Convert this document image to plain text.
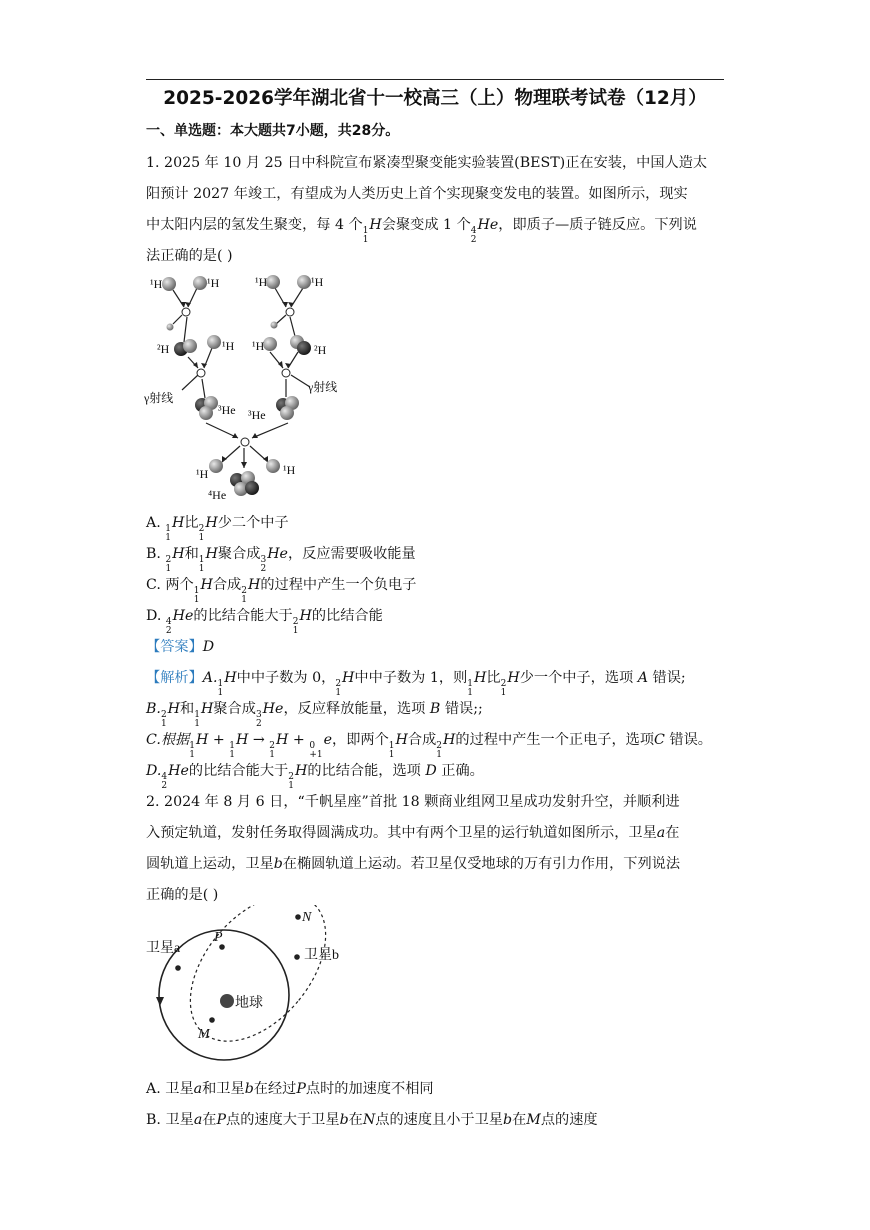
2025-2026学年湖北省十一校高三（上）物理联考试卷（12月）
一、单选题：本大题共7小题，共28分。
1. 2025 年 10 月 25 日中科院宣布紧凑型聚变能实验装置(BEST)正在安装，中国人造太
阳预计 2027 年竣工，有望成为人类历史上首个实现聚变发电的装置。如图所示，现实
中太阳内层的氢发生聚变，每 4 个 1
1
H会聚变成 1 个 4
2
He，即质子—质子链反应。下列说
法正确的是( )
¹H	¹H	¹H	¹H
²H	¹H ¹H	²H
γ射线
γ射线
³He ³He
¹H	¹H
⁴He
A. 1
1
H比 2
1
H少二个中子
B. 2
1
H和 1
1
H聚合成 3
2
He，反应需要吸收能量
C. 两个 1
1
H合成 2
1
H的过程中产生一个负电子
D. 4
2
He的比结合能大于 2
1
H的比结合能
【答案】D
【解析】A. 1
1
H中中子数为 0， 2
1
H中中子数为 1，则 1
1
H比 2
1
H少一个中子，选项 A 错误;
B. 2
1
H和 1
1
H聚合成 3
2
He，反应释放能量，选项 B 错误;;
C.根据 1
1
H + 1
1
H → 2
1
H + 0
+1
e，即两个 1
1
H合成 2
1
H的过程中产生一个正电子，选项C 错误。
D. 4
2
He的比结合能大于 2
1
H的比结合能，选项 D 正确。
2. 2024 年 8 月 6 日，“千帆星座”首批 18 颗商业组网卫星成功发射升空，并顺利进
入预定轨道，发射任务取得圆满成功。其中有两个卫星的运行轨道如图所示，卫星a在
圆轨道上运动，卫星b在椭圆轨道上运动。若卫星仅受地球的万有引力作用，下列说法
正确的是( )
卫星a
P
N
卫星b
地球
M
A. 卫星a和卫星b在经过P点时的加速度不相同
B. 卫星a在P点的速度大于卫星b在N点的速度且小于卫星b在M点的速度
